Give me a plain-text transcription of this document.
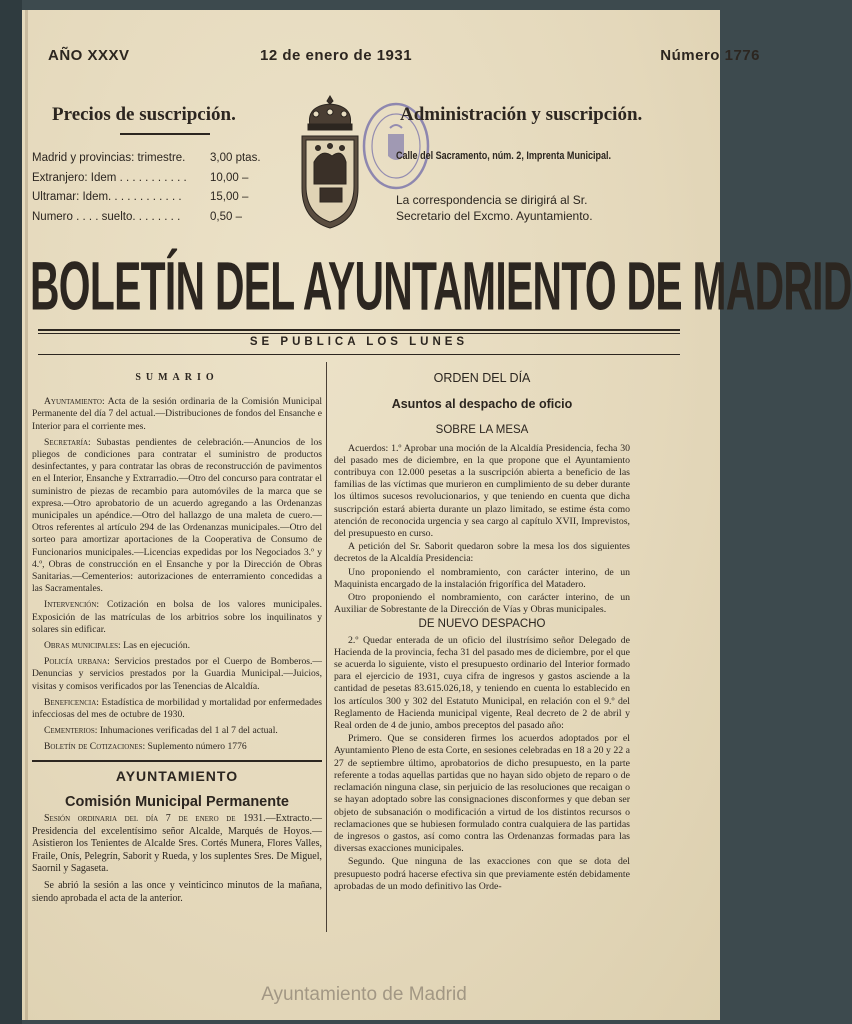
AÑO XXXV	12 de enero de 1931	Número 1776
Precios de suscripción.
Madrid y provincias: trimestre. 3,00 ptas.
Extranjero: Idem . . . . . . . . . . . 10,00 –
Ultramar: Idem. . . . . . . . . . . . 15,00 –
Numero . . . . suelto. . . . . . . .	0,50 –
Administración y suscripción.
Calle del Sacramento, núm. 2, Imprenta Municipal.
La correspondencia se dirigirá al Sr. Secretario del Excmo. Ayuntamiento.
BOLETÍN DEL AYUNTAMIENTO DE MADRID
SE PUBLICA LOS LUNES
SUMARIO
Ayuntamiento: Acta de la sesión ordinaria de la Comisión Municipal Permanente del día 7 del actual.—Distribuciones de fondos del Ensanche e Interior para el corriente mes.
Secretaría: Subastas pendientes de celebración.—Anuncios de los pliegos de condiciones para contratar el suministro de productos desinfectantes, y para contratar las obras de reconstrucción de pavimentos en el Interior, Ensanche y Extrarradio.—Otro del concurso para contratar el suministro de piezas de recambio para automóviles de la marca que se expresa.—Otro aprobatorio de un acuerdo agregando a las Ordenanzas municipales un apéndice.—Otro del hallazgo de una maleta de cuero.—Otros referentes al artículo 294 de las Ordenanzas municipales.—Otro del sorteo para amortizar aportaciones de la Cooperativa de Consumo de Funcionarios municipales.—Licencias expedidas por los Negociados 3.º y 4.º, Obras de construcción en el Ensanche y por la Dirección de Obras Sanitarias.—Cementerios: autorizaciones de enterramiento concedidas a las Sacramentales.
Intervención: Cotización en bolsa de los valores municipales. Exposición de las matrículas de los arbitrios sobre los inquilinatos y solares sin edificar.
Obras municipales: Las en ejecución.
Policía urbana: Servicios prestados por el Cuerpo de Bomberos.—Denuncias y servicios prestados por la Guardia Municipal.—Juicios, visitas y comisos verificados por las Tenencias de Alcaldía.
Beneficencia: Estadística de morbilidad y mortalidad por enfermedades infecciosas del mes de octubre de 1930.
Cementerios: Inhumaciones verificadas del 1 al 7 del actual.
Boletín de Cotizaciones: Suplemento número 1776
AYUNTAMIENTO
Comisión Municipal Permanente
Sesión ordinaria del día 7 de enero de 1931.—Extracto.—Presidencia del excelentísimo señor Alcalde, Marqués de Hoyos.—Asistieron los Tenientes de Alcalde Sres. Cortés Munera, Flores Valles, Fraile, Onís, Pelegrín, Saborit y Rueda, y los suplentes Sres. De Miguel, Saornil y Sagaseta.
Se abrió la sesión a las once y veinticinco minutos de la mañana, siendo aprobada el acta de la anterior.
ORDEN DEL DÍA
Asuntos al despacho de oficio
SOBRE LA MESA
Acuerdos: 1.º Aprobar una moción de la Alcaldía Presidencia, fecha 30 del pasado mes de diciembre, en la que propone que el Ayuntamiento contribuya con 12.000 pesetas a la suscripción abierta a beneficio de las familias de las víctimas que murieron en cumplimiento de su deber durante los últimos sucesos revolucionarios, y que teniendo en cuenta que dicha suscripción estará abierta durante un plazo limitado, se estime ésta como atención de reconocida urgencia y sea cargo al capítulo XVII, Imprevistos, del presupuesto en curso.
A petición del Sr. Saborit quedaron sobre la mesa los dos siguientes decretos de la Alcaldía Presidencia:
Uno proponiendo el nombramiento, con carácter interino, de un Maquinista encargado de la instalación frigorífica del Matadero.
Otro proponiendo el nombramiento, con carácter interino, de un Auxiliar de Sobrestante de la Dirección de Vías y Obras municipales.
DE NUEVO DESPACHO
2.º Quedar enterada de un oficio del ilustrísimo señor Delegado de Hacienda de la provincia, fecha 31 del pasado mes de diciembre, por el que se acuerda lo siguiente, visto el presupuesto ordinario del Interior formado para el ejercicio de 1931, cuya cifra de ingresos y gastos asciende a la cantidad de pesetas 83.615.026,18, y teniendo en cuenta lo establecido en los artículos 300 y 302 del Estatuto Municipal, en relación con el 9.º del Reglamento de Hacienda municipal vigente, Real decreto de 2 de abril y Real orden de 4 de junio, ambos preceptos del pasado año:
Primero. Que se consideren firmes los acuerdos adoptados por el Ayuntamiento Pleno de esta Corte, en sesiones celebradas en 18 a 20 y 22 a 27 de septiembre último, aprobatorios de dicho presupuesto, en la parte referente a todas aquellas partidas que no hayan sido objeto de reparo o de reclamación ninguna clase, sin perjuicio de las resoluciones que recaigan o se hayan adoptado sobre las consignaciones disconformes y que deban ser objeto de subsanación o modificación a virtud de los distintos recursos o reclamaciones que se hubiesen formulado contra cualquiera de las partidas de ingresos o gastos, así como contra las Ordenanzas formadas para las diversas exacciones municipales.
Segundo. Que ninguna de las exacciones con que se dota del presupuesto podrá hacerse efectiva sin que previamente estén debidamente aprobadas de un modo definitivo las Orde-
Ayuntamiento de Madrid
